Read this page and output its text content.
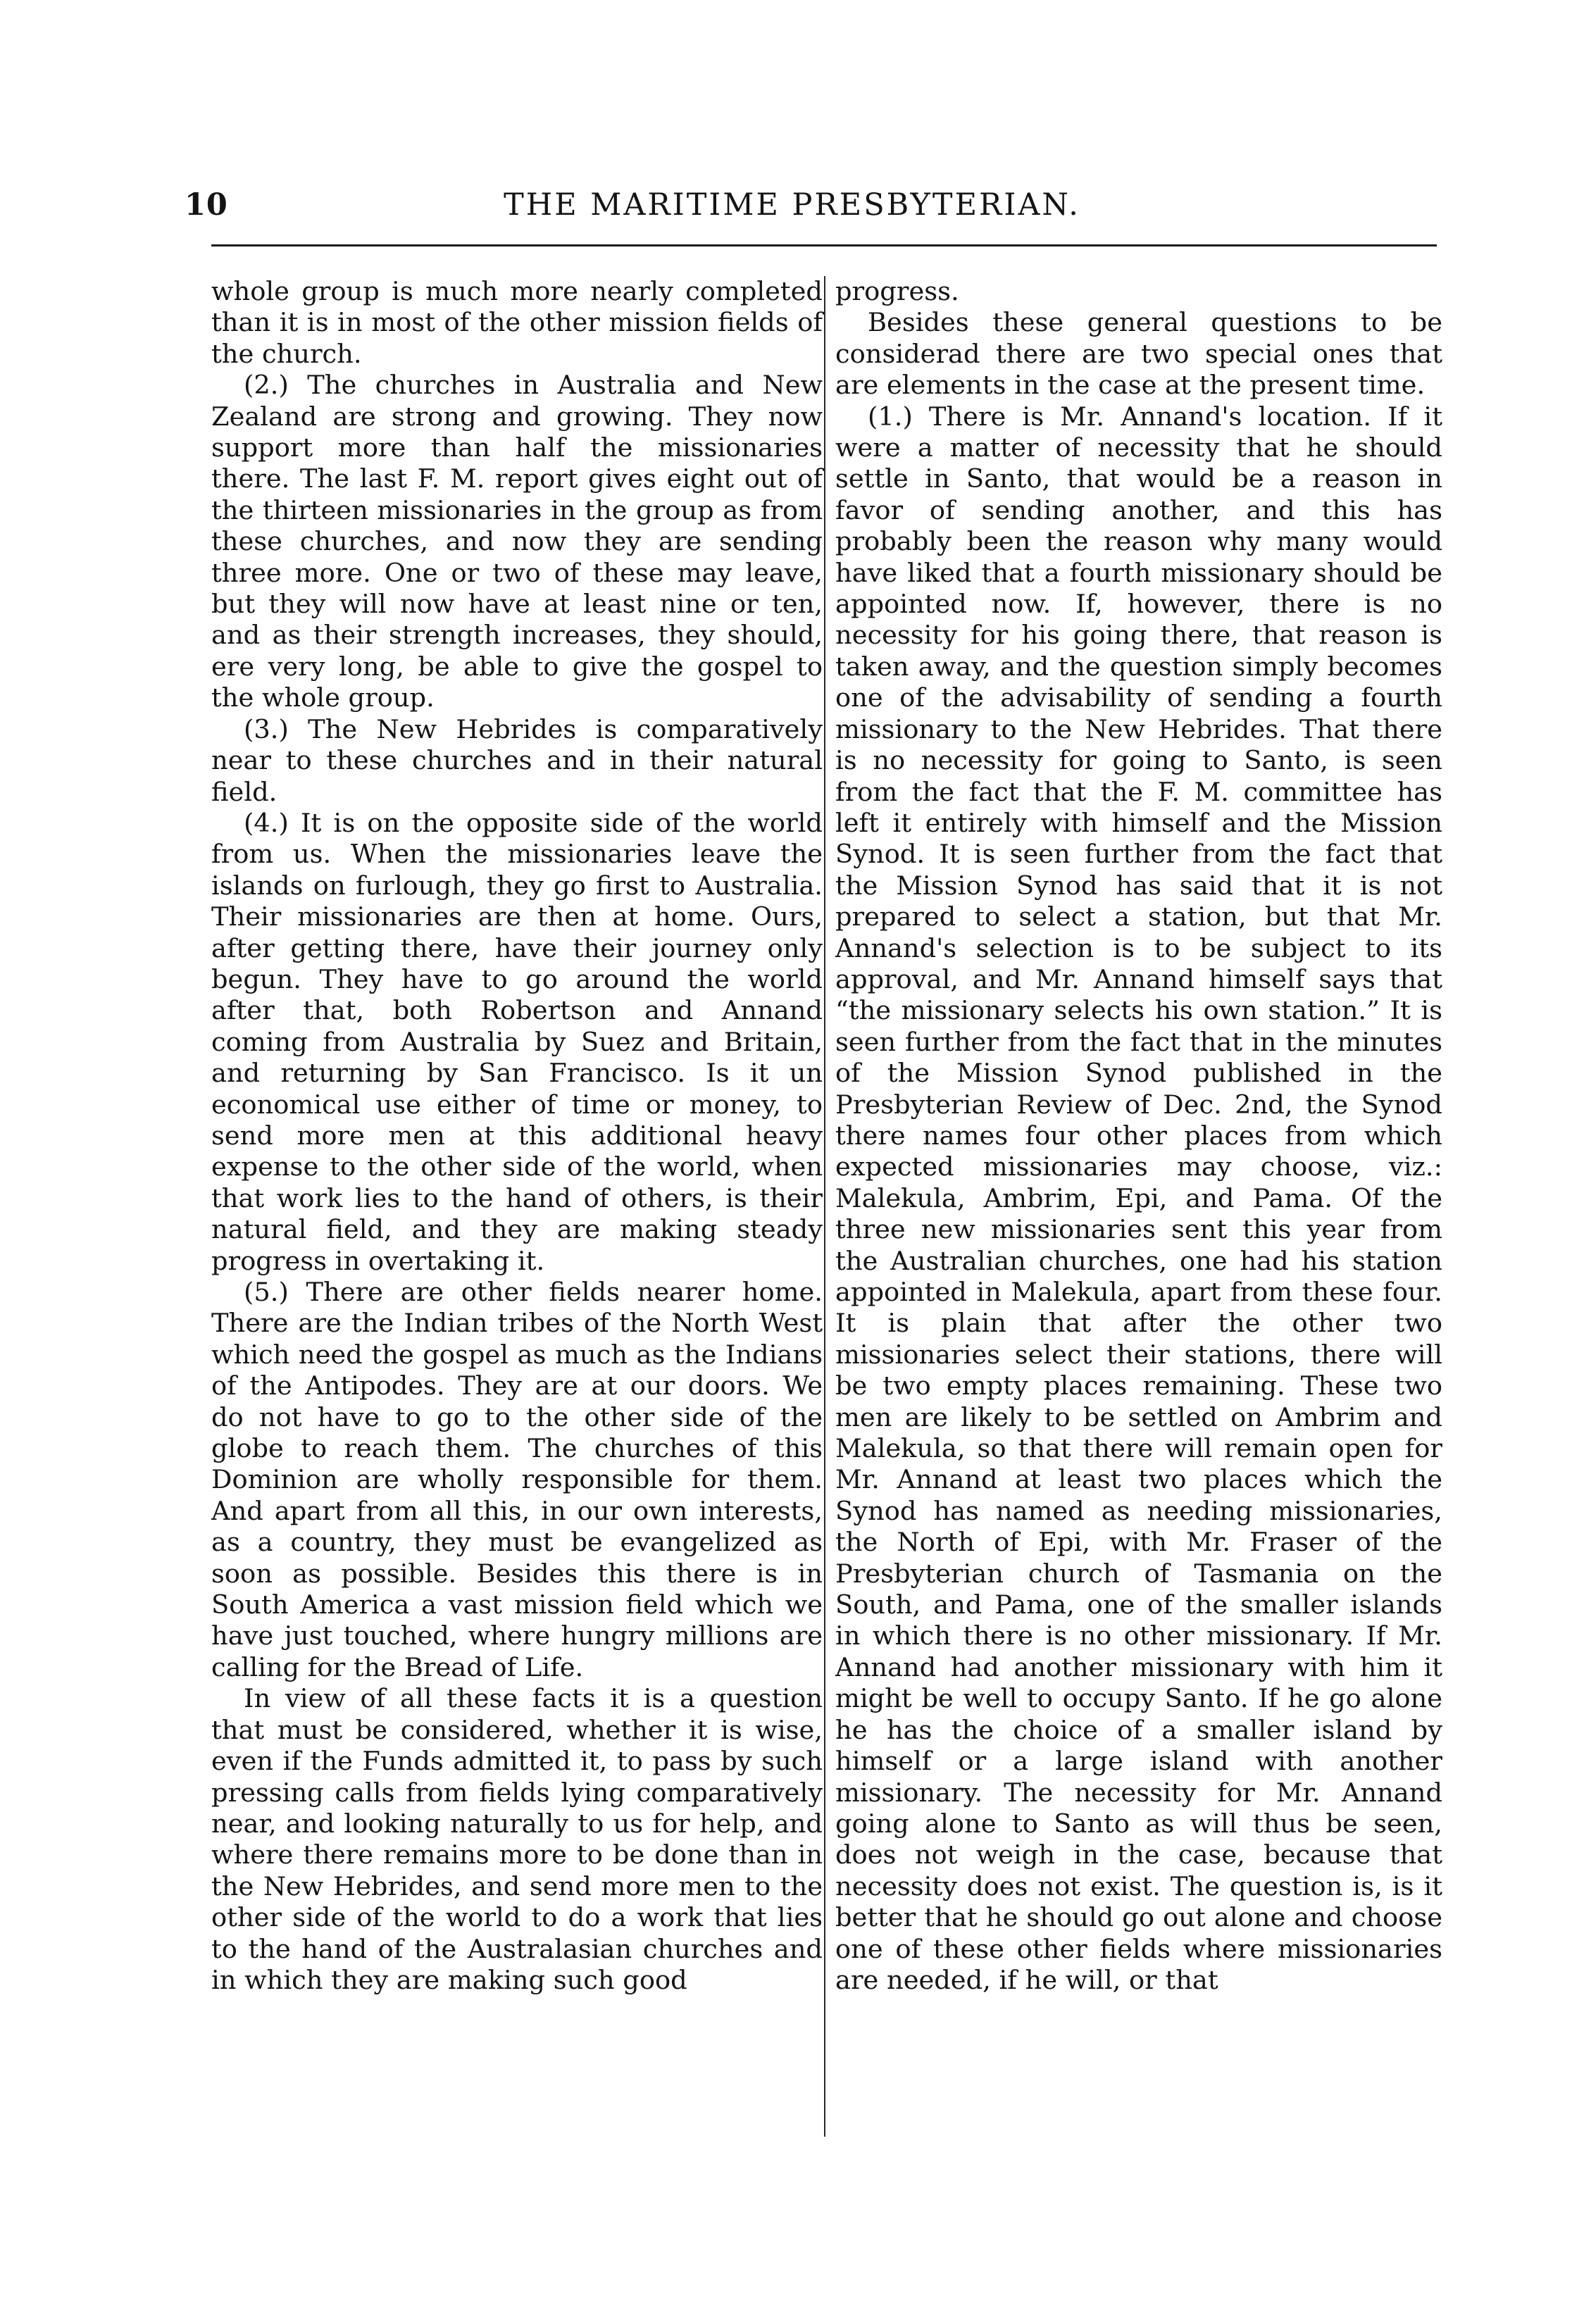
10	THE MARITIME PRESBYTERIAN.

whole group is much more nearly completed than it is in most of the other mission fields of the church.

(2.) The churches in Australia and New Zealand are strong and growing. They now support more than half the missionaries there. The last F. M. report gives eight out of the thirteen missionaries in the group as from these churches, and now they are sending three more. One or two of these may leave, but they will now have at least nine or ten, and as their strength increases, they should, ere very long, be able to give the gospel to the whole group.

(3.) The New Hebrides is comparatively near to these churches and in their natural field.

(4.) It is on the opposite side of the world from us. When the missionaries leave the islands on furlough, they go first to Australia. Their missionaries are then at home. Ours, after getting there, have their journey only begun. They have to go around the world after that, both Robertson and Annand coming from Australia by Suez and Britain, and returning by San Francisco. Is it un economical use either of time or money, to send more men at this additional heavy expense to the other side of the world, when that work lies to the hand of others, is their natural field, and they are making steady progress in overtaking it.

(5.) There are other fields nearer home. There are the Indian tribes of the North West which need the gospel as much as the Indians of the Antipodes. They are at our doors. We do not have to go to the other side of the globe to reach them. The churches of this Dominion are wholly responsible for them. And apart from all this, in our own interests, as a country, they must be evangelized as soon as possible. Besides this there is in South America a vast mission field which we have just touched, where hungry millions are calling for the Bread of Life.

In view of all these facts it is a question that must be considered, whether it is wise, even if the Funds admitted it, to pass by such pressing calls from fields lying comparatively near, and looking naturally to us for help, and where there remains more to be done than in the New Hebrides, and send more men to the other side of the world to do a work that lies to the hand of the Australasian churches and in which they are making such good

progress.

Besides these general questions to be considerad there are two special ones that are elements in the case at the present time.

(1.) There is Mr. Annand's location. If it were a matter of necessity that he should settle in Santo, that would be a reason in favor of sending another, and this has probably been the reason why many would have liked that a fourth missionary should be appointed now. If, however, there is no necessity for his going there, that reason is taken away, and the question simply becomes one of the advisability of sending a fourth missionary to the New Hebrides. That there is no necessity for going to Santo, is seen from the fact that the F. M. committee has left it entirely with himself and the Mission Synod. It is seen further from the fact that the Mission Synod has said that it is not prepared to select a station, but that Mr. Annand's selection is to be subject to its approval, and Mr. Annand himself says that “the missionary selects his own station.” It is seen further from the fact that in the minutes of the Mission Synod published in the Presbyterian Review of Dec. 2nd, the Synod there names four other places from which expected missionaries may choose, viz.: Malekula, Ambrim, Epi, and Pama. Of the three new missionaries sent this year from the Australian churches, one had his station appointed in Malekula, apart from these four. It is plain that after the other two missionaries select their stations, there will be two empty places remaining. These two men are likely to be settled on Ambrim and Malekula, so that there will remain open for Mr. Annand at least two places which the Synod has named as needing missionaries, the North of Epi, with Mr. Fraser of the Presbyterian church of Tasmania on the South, and Pama, one of the smaller islands in which there is no other missionary. If Mr. Annand had another missionary with him it might be well to occupy Santo. If he go alone he has the choice of a smaller island by himself or a large island with another missionary. The necessity for Mr. Annand going alone to Santo as will thus be seen, does not weigh in the case, because that necessity does not exist. The question is, is it better that he should go out alone and choose one of these other fields where missionaries are needed, if he will, or that
